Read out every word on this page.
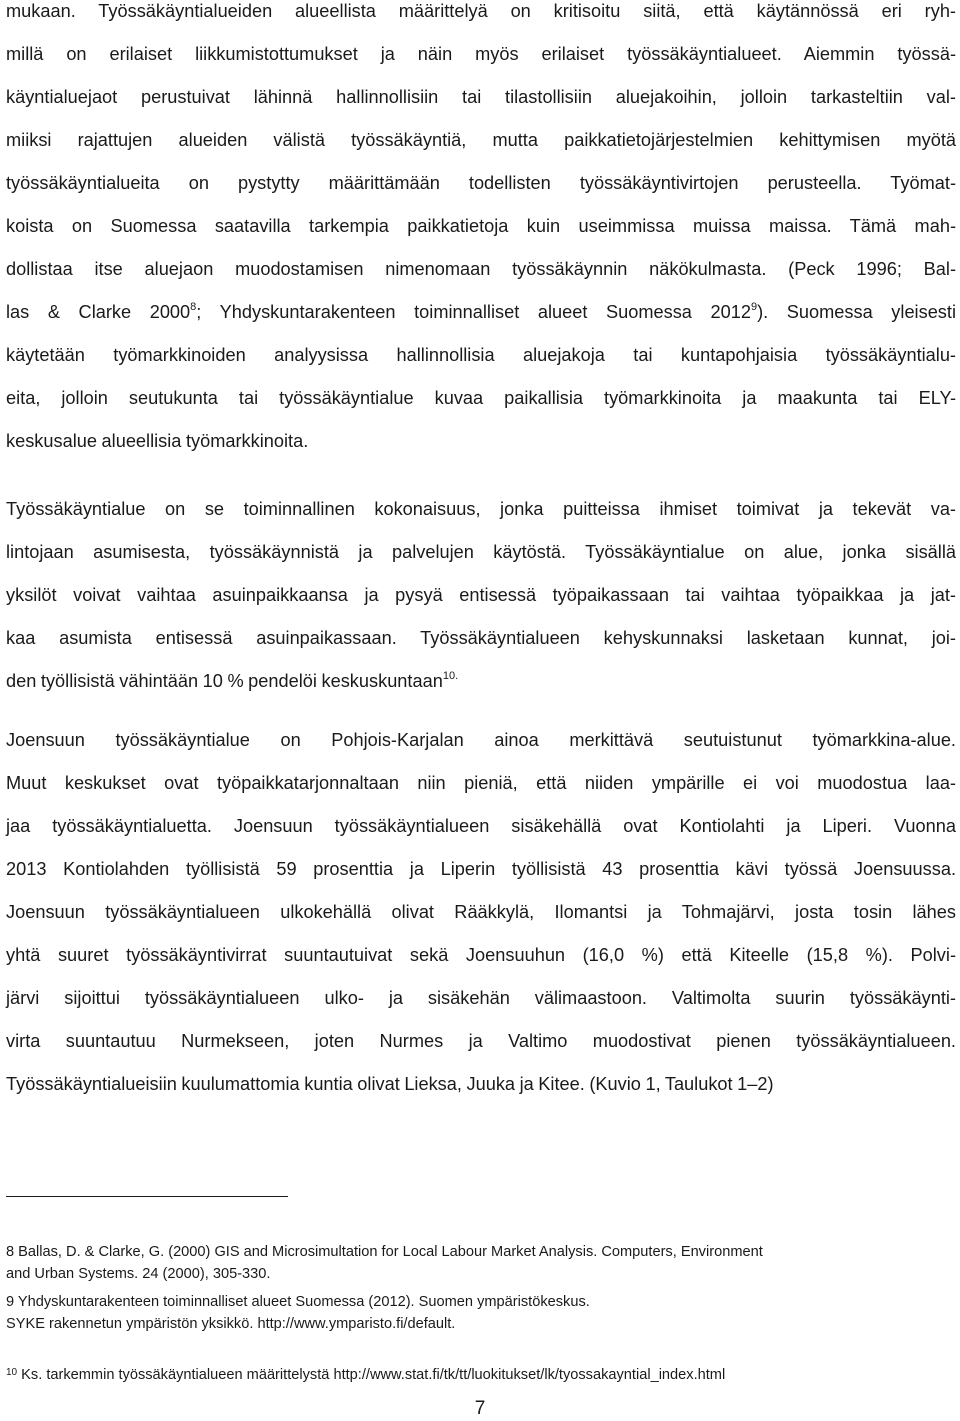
mukaan. Työssäkäyntialueiden alueellista määrittelyä on kritisoitu siitä, että käytännössä eri ryh-
millä on erilaiset liikkumistottumukset ja näin myös erilaiset työssäkäyntialueet. Aiemmin työssä-
käyntialuejaot perustuivat lähinnä hallinnollisiin tai tilastollisiin aluejakoihin, jolloin tarkasteltiin val-
miiksi rajattujen alueiden välistä työssäkäyntiä, mutta paikkatietojärjestelmien kehittymisen myötä
työssäkäyntialueita on pystytty määrittämään todellisten työssäkäyntivirtojen perusteella. Työmat-
koista on Suomessa saatavilla tarkempia paikkatietoja kuin useimmissa muissa maissa. Tämä mah-
dollistaa itse aluejaon muodostamisen nimenomaan työssäkäynnin näkökulmasta. (Peck 1996; Bal-
las & Clarke 2000$^8$; Yhdyskuntarakenteen toiminnalliset alueet Suomessa 2012$^9$). Suomessa yleisesti
käytetään työmarkkinoiden analyysissa hallinnollisia aluejakoja tai kuntapohjaisia työssäkäyntialu-
eita, jolloin seutukunta tai työssäkäyntialue kuvaa paikallisia työmarkkinoita ja maakunta tai ELY-
keskusalue alueellisia työmarkkinoita.
Työssäkäyntialue on se toiminnallinen kokonaisuus, jonka puitteissa ihmiset toimivat ja tekevät va-
lintojaan asumisesta, työssäkäynnistä ja palvelujen käytöstä. Työssäkäyntialue on alue, jonka sisällä
yksilöt voivat vaihtaa asuinpaikkaansa ja pysyä entisessä työpaikassaan tai vaihtaa työpaikkaa ja jat-
kaa asumista entisessä asuinpaikassaan. Työssäkäyntialueen kehyskunnaksi lasketaan kunnat, joi-
den työllisistä vähintään 10 % pendelöi keskuskuntaan$^{10.}$
Joensuun työssäkäyntialue on Pohjois-Karjalan ainoa merkittävä seutuistunut työmarkkina-alue.
Muut keskukset ovat työpaikkatarjonnaltaan niin pieniä, että niiden ympärille ei voi muodostua laa-
jaa työssäkäyntialuetta. Joensuun työssäkäyntialueen sisäkehällä ovat Kontiolahti ja Liperi. Vuonna
2013 Kontiolahden työllisistä 59 prosenttia ja Liperin työllisistä 43 prosenttia kävi työssä Joensuussa.
Joensuun työssäkäyntialueen ulkokehällä olivat Rääkkylä, Ilomantsi ja Tohmajärvi, josta tosin lähes
yhtä suuret työssäkäyntivirrat suuntautuivat sekä Joensuuhun (16,0 %) että Kiteelle (15,8 %). Polvi-
järvi sijoittui työssäkäyntialueen ulko- ja sisäkehän välimaastoon. Valtimolta suurin työssäkäynti-
virta suuntautuu Nurmekseen, joten Nurmes ja Valtimo muodostivat pienen työssäkäyntialueen.
Työssäkäyntialueisiin kuulumattomia kuntia olivat Lieksa, Juuka ja Kitee. (Kuvio 1, Taulukot 1–2)
8 Ballas, D. & Clarke, G. (2000) GIS and Microsimultation for Local Labour Market Analysis. Computers, Environment
and Urban Systems. 24 (2000), 305-330.
9 Yhdyskuntarakenteen toiminnalliset alueet Suomessa (2012). Suomen ympäristökeskus.
SYKE rakennetun ympäristön yksikkö. http://www.ymparisto.fi/default.
$^{10}$ Ks. tarkemmin työssäkäyntialueen määrittelystä http://www.stat.fi/tk/tt/luokitukset/lk/tyossakayntial_index.html
7
